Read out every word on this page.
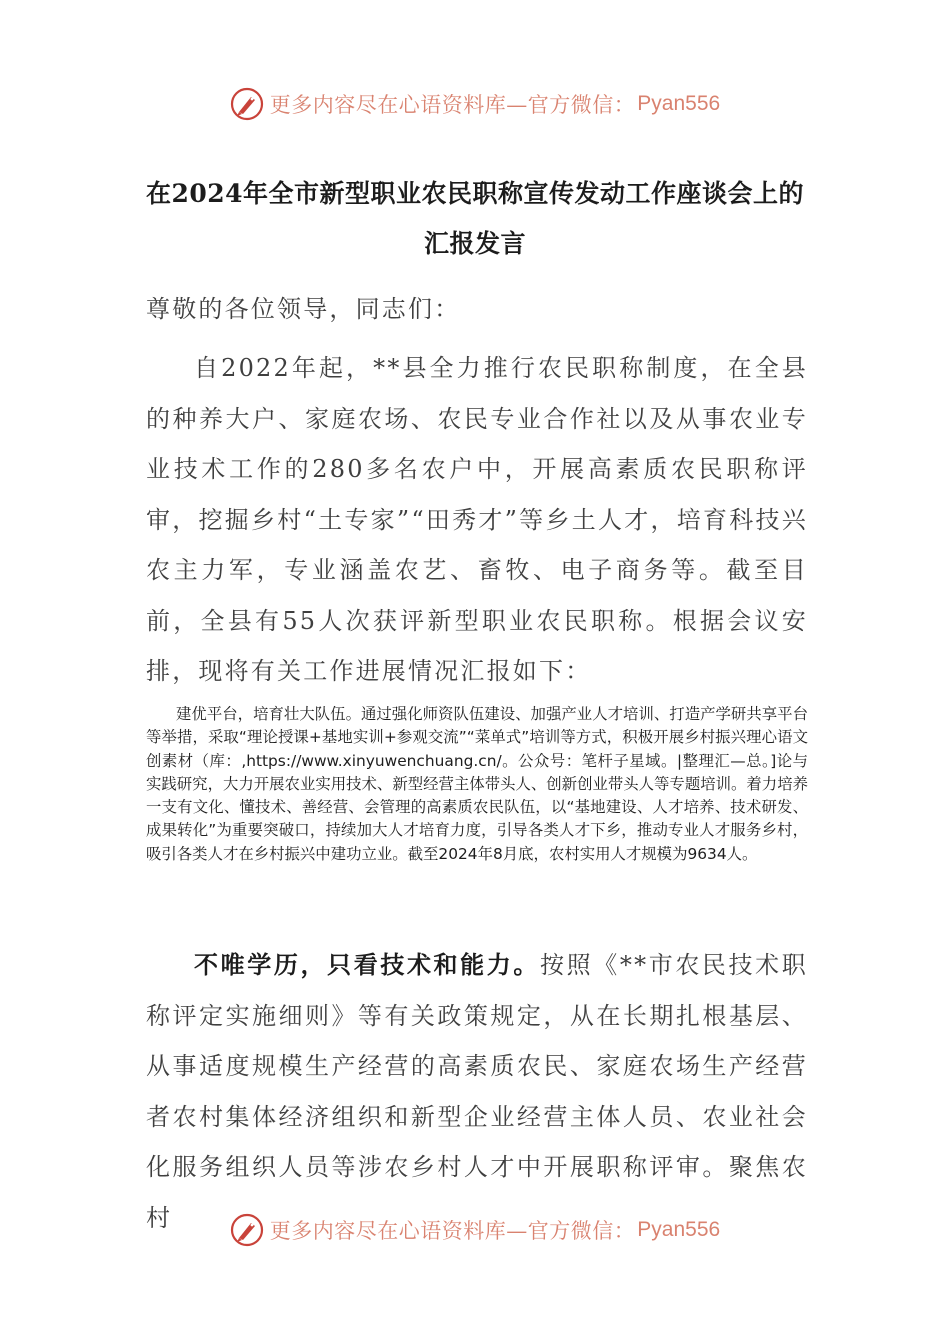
更多内容尽在心语资料库—官方微信： Pyan556
在2024年全市新型职业农民职称宣传发动工作座谈会上的
汇报发言
尊敬的各位领导，同志们：
自2022年起，**县全力推行农民职称制度，在全县的种养大户、家庭农场、农民专业合作社以及从事农业专业技术工作的280多名农户中，开展高素质农民职称评审，挖掘乡村“土专家”“田秀才”等乡土人才，培育科技兴农主力军，专业涵盖农艺、畜牧、电子商务等。截至目前，全县有55人次获评新型职业农民职称。根据会议安排，现将有关工作进展情况汇报如下：
建优平台，培育壮大队伍。通过强化师资队伍建设、加强产业人才培训、打造产学研共享平台等举措，采取“理论授课+基地实训+参观交流”“菜单式”培训等方式，积极开展乡村振兴理心语文创素材（库：,https://www.xinyuwenchuang.cn/。公众号：笔杆子星域。|整理汇—总。]论与实践研究，大力开展农业实用技术、新型经营主体带头人、创新创业带头人等专题培训。着力培养一支有文化、懂技术、善经营、会管理的高素质农民队伍，以“基地建设、人才培养、技术研发、成果转化”为重要突破口，持续加大人才培育力度，引导各类人才下乡，推动专业人才服务乡村，吸引各类人才在乡村振兴中建功立业。截至2024年8月底，农村实用人才规模为9634人。
不唯学历，只看技术和能力。按照《**市农民技术职称评定实施细则》等有关政策规定，从在长期扎根基层、从事适度规模生产经营的高素质农民、家庭农场生产经营者农村集体经济组织和新型企业经营主体人员、农业社会化服务组织人员等涉农乡村人才中开展职称评审。聚焦农村	更多内容尽在心语资料库—官方微信： Pyan556
